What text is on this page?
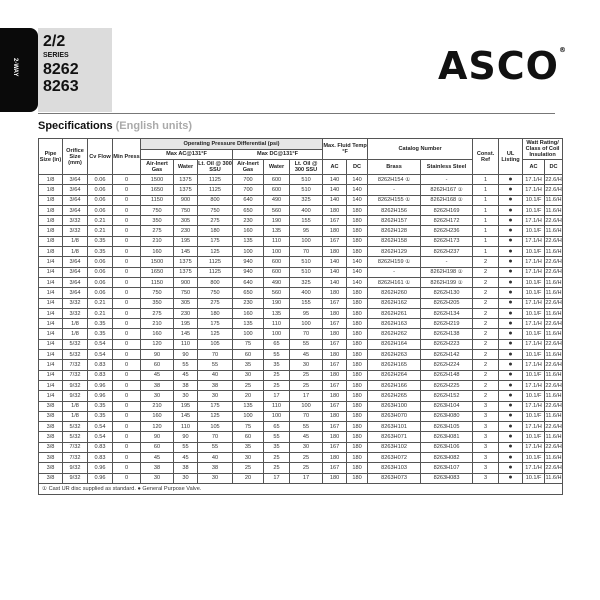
2-WAY
2/2
SERIES
8262
8263	ASCO ®
Specifications (English units)
Pipe Size (in)	Orifice Size (mm)	Cv Flow	Min Press	Operating Pressure Differential (psi)						Max. Fluid Temp °F		Catalog Number		Const. Ref	UL Listing	Watt Rating/ Class of Coil Insulation	
				Max AC@131°F			Max DC@131°F										
				Air-Inert Gas	Water	Lt. Oil @ 300 SSU	Air-Inert Gas	Water	Lt. Oil @ 300 SSU	AC	DC	Brass	Stainless Steel			AC	DC
1/8	3/64	0.06	0	1500	1375	1125	700	600	510	140	140	8262H154 ①	-	1	●	17.1/H	22.6/H
1/8	3/64	0.06	0	1650	1375	1125	700	600	510	140	140	-	8262H167 ①	1	●	17.1/H	22.6/H
1/8	3/64	0.06	0	1150	900	800	640	490	325	140	140	8262H155 ①	8262H168 ①	1	●	10.1/F	11.6/H
1/8	3/64	0.06	0	750	750	750	650	560	400	180	180	8262H156	8262H169	1	●	10.1/F	11.6/H
1/8	3/32	0.21	0	350	305	275	230	190	155	167	180	8262H157	8262H172	1	●	17.1/H	22.6/H
1/8	3/32	0.21	0	275	230	180	160	135	95	180	180	8262H128	8262H236	1	●	10.1/F	11.6/H
1/8	1/8	0.35	0	210	195	175	135	110	100	167	180	8262H158	8262H173	1	●	17.1/H	22.6/H
1/8	1/8	0.35	0	160	145	125	100	100	70	180	180	8262H129	8262H237	1	●	10.1/F	11.6/H
1/4	3/64	0.06	0	1500	1375	1125	940	600	510	140	140	8262H159 ①	-	2	●	17.1/H	22.6/H
1/4	3/64	0.06	0	1650	1375	1125	940	600	510	140	140	-	8262H198 ①	2	●	17.1/H	22.6/H
1/4	3/64	0.06	0	1150	900	800	640	490	325	140	140	8262H161 ①	8262H199 ①	2	●	10.1/F	11.6/H
1/4	3/64	0.06	0	750	750	750	650	560	400	180	180	8262H260	8262H130	2	●	10.1/F	11.6/H
1/4	3/32	0.21	0	350	305	275	230	190	155	167	180	8262H162	8262H205	2	●	17.1/H	22.6/H
1/4	3/32	0.21	0	275	230	180	160	135	95	180	180	8262H261	8262H134	2	●	10.1/F	11.6/H
1/4	1/8	0.35	0	210	195	175	135	110	100	167	180	8262H163	8262H219	2	●	17.1/H	22.6/H
1/4	1/8	0.35	0	160	145	125	100	100	70	180	180	8262H262	8262H138	2	●	10.1/F	11.6/H
1/4	5/32	0.54	0	120	110	105	75	65	55	167	180	8262H164	8262H223	2	●	17.1/H	22.6/H
1/4	5/32	0.54	0	90	90	70	60	55	45	180	180	8262H263	8262H142	2	●	10.1/F	11.6/H
1/4	7/32	0.83	0	60	55	55	35	35	30	167	180	8262H165	8262H224	2	●	17.1/H	22.6/H
1/4	7/32	0.83	0	45	45	40	30	25	25	180	180	8262H264	8262H148	2	●	10.1/F	11.6/H
1/4	9/32	0.96	0	38	38	38	25	25	25	167	180	8262H166	8262H225	2	●	17.1/H	22.6/H
1/4	9/32	0.96	0	30	30	30	20	17	17	180	180	8262H265	8262H152	2	●	10.1/F	11.6/H
3/8	1/8	0.35	0	210	195	175	135	110	100	167	180	8263H100	8263H104	3	●	17.1/H	22.6/H
3/8	1/8	0.35	0	160	145	125	100	100	70	180	180	8263H070	8263H080	3	●	10.1/F	11.6/H
3/8	5/32	0.54	0	120	110	105	75	65	55	167	180	8263H101	8263H105	3	●	17.1/H	22.6/H
3/8	5/32	0.54	0	90	90	70	60	55	45	180	180	8263H071	8263H081	3	●	10.1/F	11.6/H
3/8	7/32	0.83	0	60	55	55	35	35	30	167	180	8263H102	8263H106	3	●	17.1/H	22.6/H
3/8	7/32	0.83	0	45	45	40	30	25	25	180	180	8263H072	8263H082	3	●	10.1/F	11.6/H
3/8	9/32	0.96	0	38	38	38	25	25	25	167	180	8263H103	8263H107	3	●	17.1/H	22.6/H
3/8	9/32	0.96	0	30	30	30	20	17	17	180	180	8263H073	8263H083	3	●	10.1/F	11.6/H
① Cast UR disc supplied as standard. ● General Purpose Valve.																	
